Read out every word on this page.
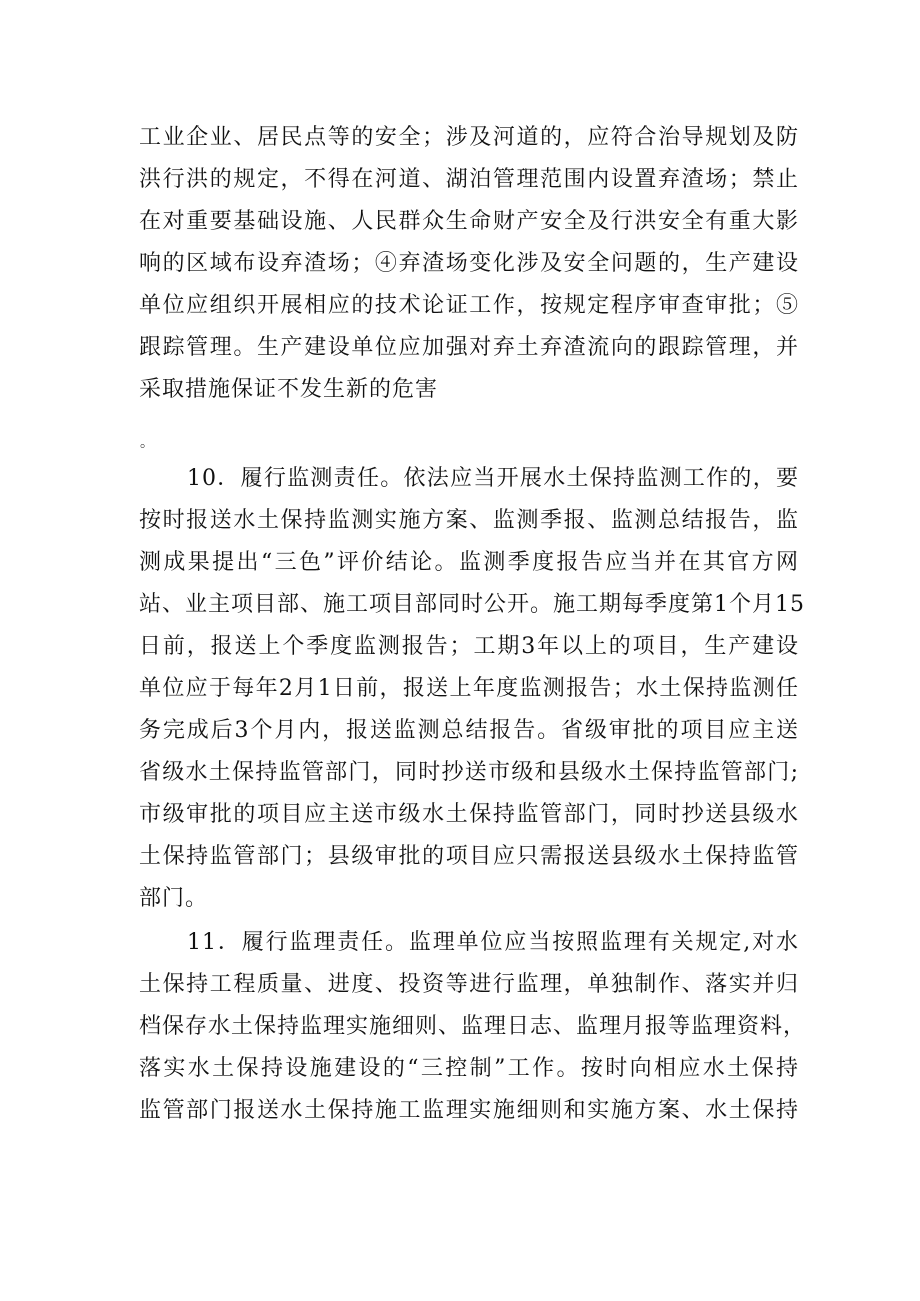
工业企业、居民点等的安全；涉及河道的，应符合治导规划及防
洪行洪的规定，不得在河道、湖泊管理范围内设置弃渣场；禁止
在对重要基础设施、人民群众生命财产安全及行洪安全有重大影
响的区域布设弃渣场；④弃渣场变化涉及安全问题的，生产建设
单位应组织开展相应的技术论证工作，按规定程序审查审批；⑤
跟踪管理。生产建设单位应加强对弃土弃渣流向的跟踪管理，并
采取措施保证不发生新的危害
。
10．履行监测责任。依法应当开展水土保持监测工作的，要
按时报送水土保持监测实施方案、监测季报、监测总结报告，监
测成果提出“三色”评价结论。监测季度报告应当并在其官方网
站、业主项目部、施工项目部同时公开。施工期每季度第1个月15
日前，报送上个季度监测报告；工期3年以上的项目，生产建设
单位应于每年2月1日前，报送上年度监测报告；水土保持监测任
务完成后3个月内，报送监测总结报告。省级审批的项目应主送
省级水土保持监管部门，同时抄送市级和县级水土保持监管部门;
市级审批的项目应主送市级水土保持监管部门，同时抄送县级水
土保持监管部门；县级审批的项目应只需报送县级水土保持监管
部门。
11．履行监理责任。监理单位应当按照监理有关规定,对水
土保持工程质量、进度、投资等进行监理，单独制作、落实并归
档保存水土保持监理实施细则、监理日志、监理月报等监理资料，
落实水土保持设施建设的“三控制”工作。按时向相应水土保持
监管部门报送水土保持施工监理实施细则和实施方案、水土保持
